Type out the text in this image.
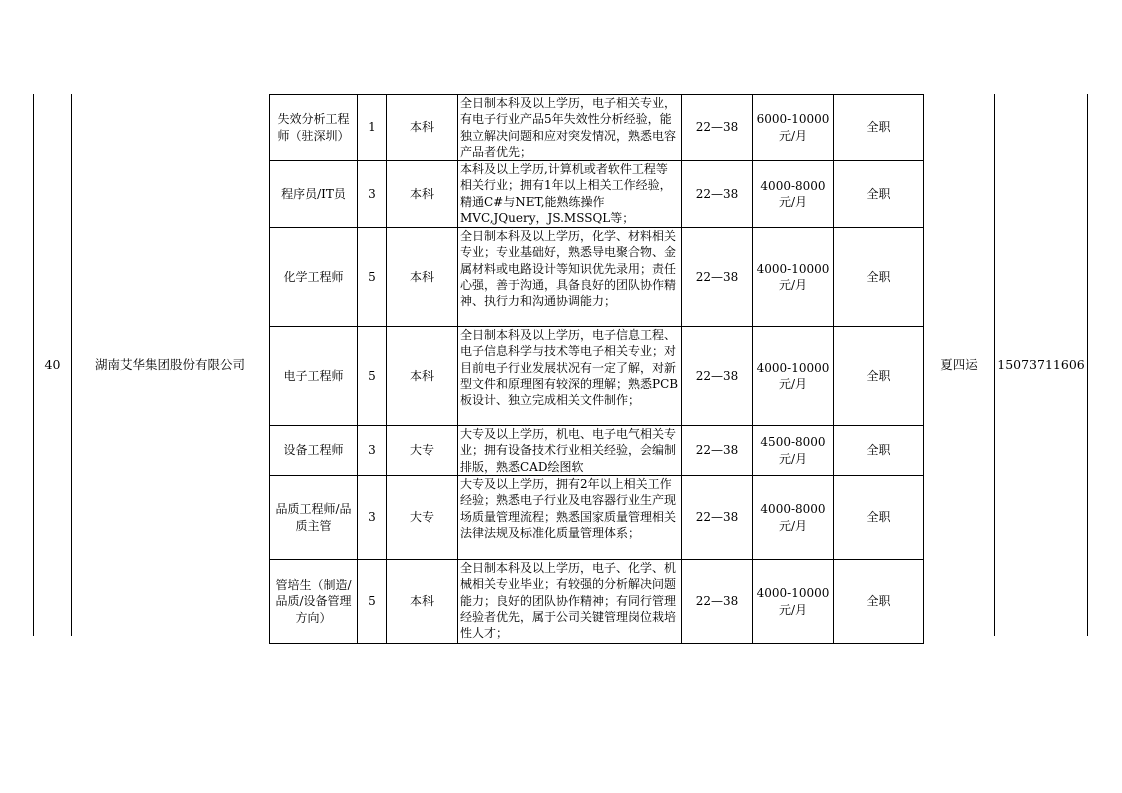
40	湖南艾华集团股份有限公司	夏四运	15073711606
失效分析工程师（驻深圳）	1	本科	全日制本科及以上学历，电子相关专业，有电子行业产品5年失效性分析经验，能独立解决问题和应对突发情况，熟悉电容产品者优先；	22—38	6000-10000元/月	全职
程序员/IT员	3	本科	本科及以上学历,计算机或者软件工程等相关行业；拥有1年以上相关工作经验，精通C#与NET,能熟练操作MVC,JQuery，JS.MSSQL等；	22—38	4000-8000元/月	全职
化学工程师	5	本科	全日制本科及以上学历，化学、材料相关专业；专业基础好，熟悉导电聚合物、金属材料或电路设计等知识优先录用；责任心强，善于沟通，具备良好的团队协作精神、执行力和沟通协调能力；	22—38	4000-10000元/月	全职
电子工程师	5	本科	全日制本科及以上学历，电子信息工程、电子信息科学与技术等电子相关专业；对目前电子行业发展状况有一定了解，对新型文件和原理图有较深的理解；熟悉PCB板设计、独立完成相关文件制作；	22—38	4000-10000元/月	全职
设备工程师	3	大专	大专及以上学历，机电、电子电气相关专业；拥有设备技术行业相关经验，会编制排版，熟悉CAD绘图软	22—38	4500-8000元/月	全职
品质工程师/品质主管	3	大专	大专及以上学历，拥有2年以上相关工作经验；熟悉电子行业及电容器行业生产现场质量管理流程；熟悉国家质量管理相关法律法规及标准化质量管理体系；	22—38	4000-8000元/月	全职
管培生（制造/品质/设备管理方向）	5	本科	全日制本科及以上学历，电子、化学、机械相关专业毕业；有较强的分析解决问题能力；良好的团队协作精神；有同行管理经验者优先，属于公司关键管理岗位栽培性人才；	22—38	4000-10000元/月	全职
